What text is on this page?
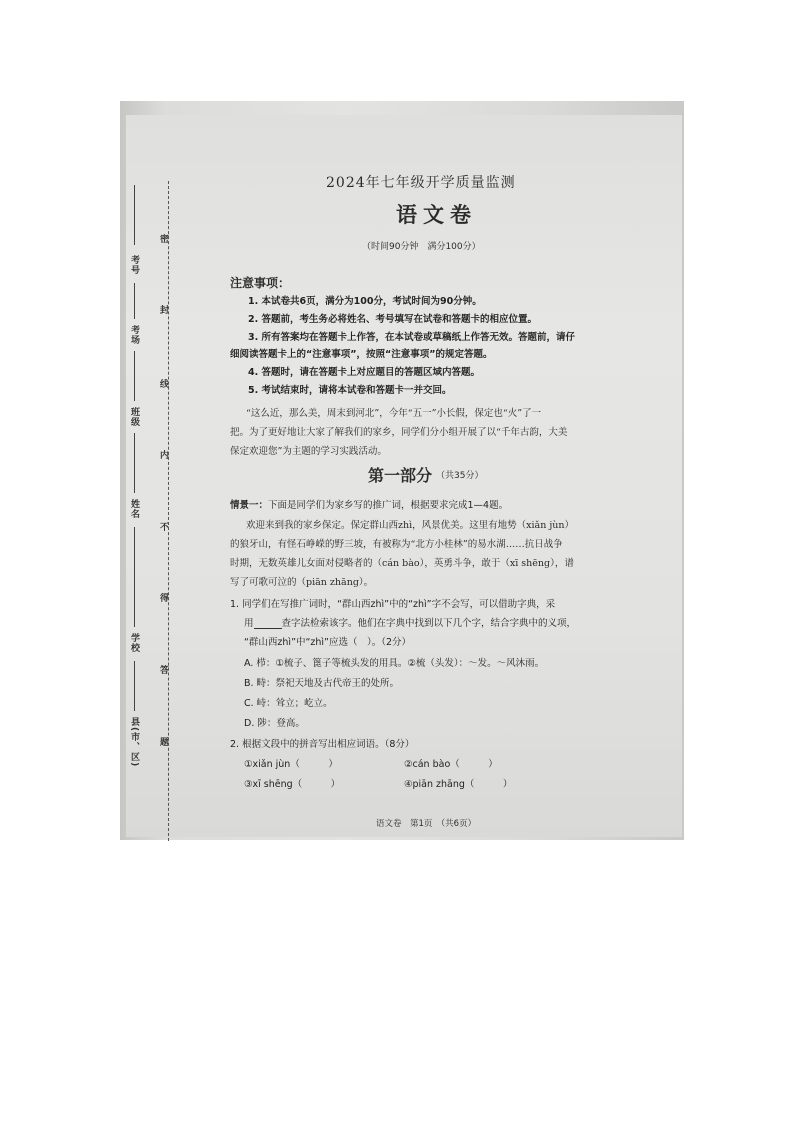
考号
考场
班级
姓名
学校
县(市、区)
密
封
线
内
不
得
答
题
2024年七年级开学质量监测
语文卷
（时间90分钟　满分100分）
注意事项：
1. 本试卷共6页，满分为100分，考试时间为90分钟。
2. 答题前，考生务必将姓名、考号填写在试卷和答题卡的相应位置。
3. 所有答案均在答题卡上作答，在本试卷或草稿纸上作答无效。答题前，请仔
细阅读答题卡上的“注意事项”，按照“注意事项”的规定答题。
4. 答题时，请在答题卡上对应题目的答题区域内答题。
5. 考试结束时，请将本试卷和答题卡一并交回。
“这么近，那么美，周末到河北”，今年“五一”小长假，保定也“火”了一
把。为了更好地让大家了解我们的家乡，同学们分小组开展了以“千年古韵，大美
保定欢迎您”为主题的学习实践活动。
第一部分 （共35分）
情景一：下面是同学们为家乡写的推广词，根据要求完成1—4题。
欢迎来到我的家乡保定。保定群山西zhì，风景优美。这里有地势（xiǎn jùn）
的狼牙山，有怪石峥嵘的野三坡，有被称为“北方小桂林”的易水湖……抗日战争
时期，无数英雄儿女面对侵略者的（cán bào），英勇斗争，敢于（xī shēng），谱
写了可歌可泣的（piān zhāng）。
1. 同学们在写推广词时，“群山西zhì”中的“zhì”字不会写，可以借助字典，采
用	查字法检索该字。他们在字典中找到以下几个字，结合字典中的义项，
“群山西zhì”中“zhì”应选（　）。（2分）
A. 栉：①梳子、篦子等梳头发的用具。②梳（头发）：～发。～风沐雨。
B. 畤：祭祀天地及古代帝王的处所。
C. 峙：耸立；屹立。
D. 陟：登高。
2. 根据文段中的拼音写出相应词语。（8分）
①xiǎn jùn（　　　）	②cán bào（　　　）
③xī shēng（　　　）	④piān zhāng（　　　）
语文卷　第1页　（共6页）
